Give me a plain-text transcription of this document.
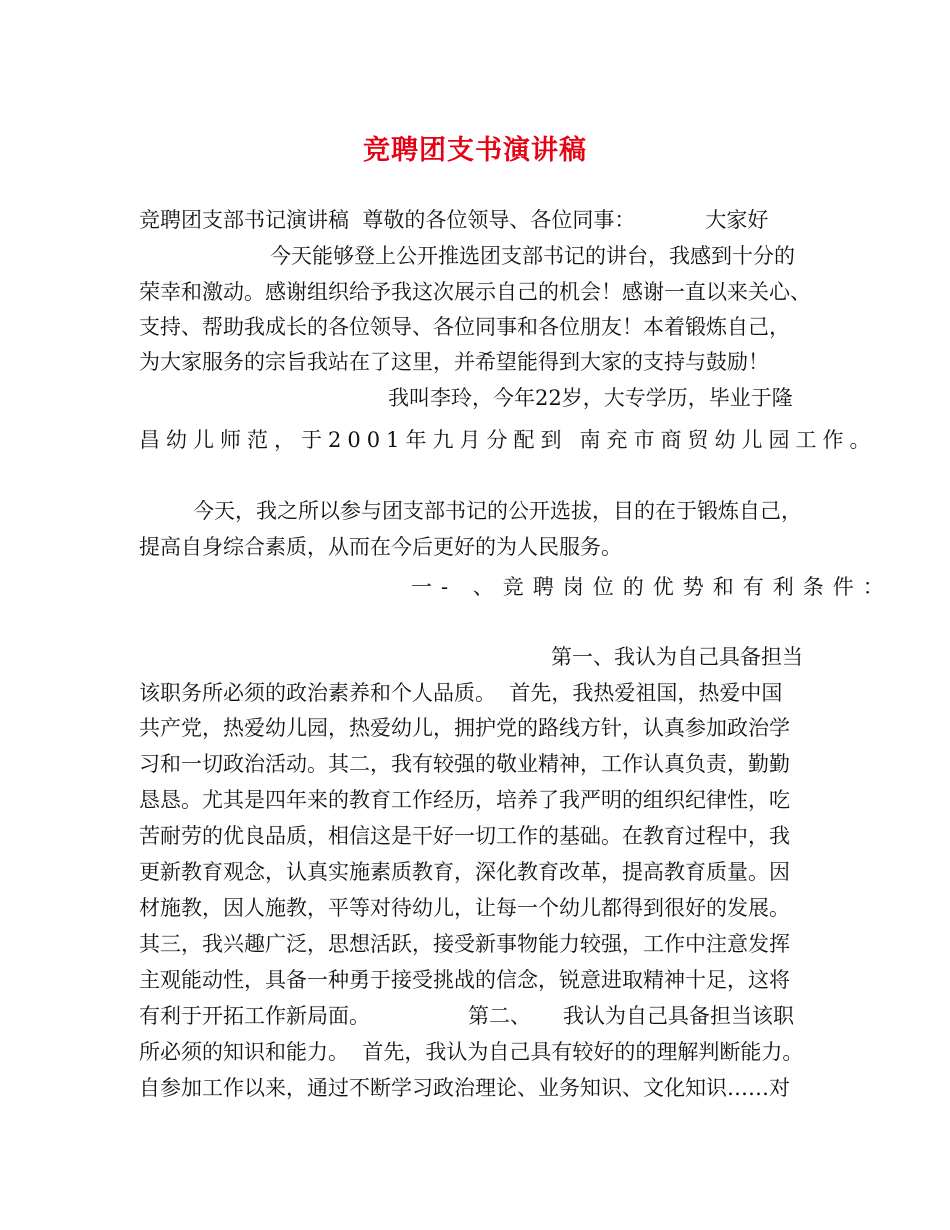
竞聘团支书演讲稿
竞聘团支部书记演讲稿  尊敬的各位领导、各位同事：	大家好
今天能够登上公开推选团支部书记的讲台，我感到十分的
荣幸和激动。感谢组织给予我这次展示自己的机会！感谢一直以来关心、
支持、帮助我成长的各位领导、各位同事和各位朋友！本着锻炼自己，
为大家服务的宗旨我站在了这里，并希望能得到大家的支持与鼓励！
我叫李玲，今年22岁，大专学历，毕业于隆
昌幼儿师范，于2001年九月分配到 南充市商贸幼儿园工作。
今天，我之所以参与团支部书记的公开选拔，目的在于锻炼自己，
提高自身综合素质，从而在今后更好的为人民服务。
一- 、竞聘岗位的优势和有利条件：
第一、我认为自己具备担当
该职务所必须的政治素养和个人品质。  首先，我热爱祖国，热爱中国
共产党，热爱幼儿园，热爱幼儿，拥护党的路线方针，认真参加政治学
习和一切政治活动。其二，我有较强的敬业精神，工作认真负责，勤勤
恳恳。尤其是四年来的教育工作经历，培养了我严明的组织纪律性，吃
苦耐劳的优良品质，相信这是干好一切工作的基础。在教育过程中，我
更新教育观念，认真实施素质教育，深化教育改革，提高教育质量。因
材施教，因人施教，平等对待幼儿，让每一个幼儿都得到很好的发展。
其三，我兴趣广泛，思想活跃，接受新事物能力较强，工作中注意发挥
主观能动性，具备一种勇于接受挑战的信念，锐意进取精神十足，这将
有利于开拓工作新局面。	第二、 我认为自己具备担当该职
所必须的知识和能力。  首先，我认为自己具有较好的的理解判断能力。
自参加工作以来，通过不断学习政治理论、业务知识、文化知识……对
